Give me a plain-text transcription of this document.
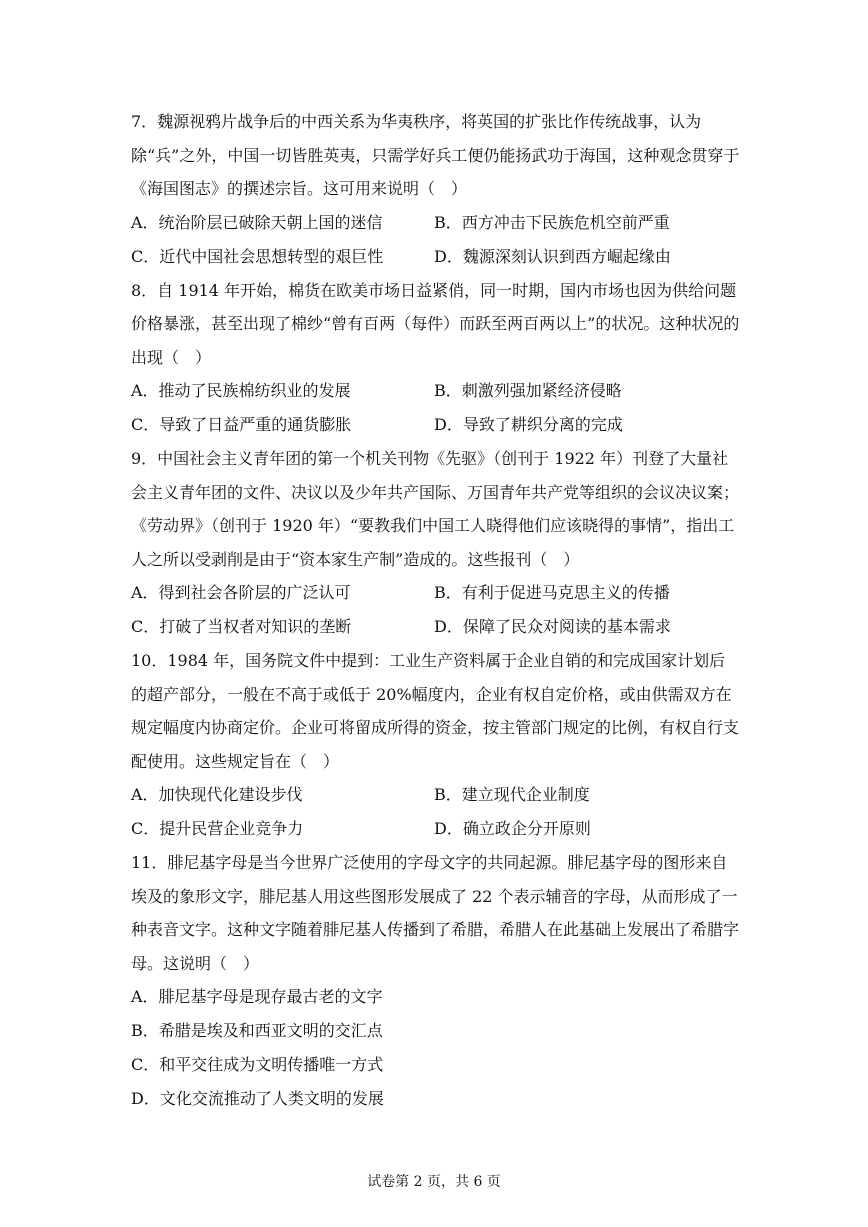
7．魏源视鸦片战争后的中西关系为华夷秩序，将英国的扩张比作传统战事，认为除“兵”之外，中国一切皆胜英夷，只需学好兵工便仍能扬武功于海国，这种观念贯穿于《海国图志》的撰述宗旨。这可用来说明（　）

A．统治阶层已破除天朝上国的迷信	B．西方冲击下民族危机空前严重
C．近代中国社会思想转型的艰巨性	D．魏源深刻认识到西方崛起缘由

8．自 1914 年开始，棉货在欧美市场日益紧俏，同一时期，国内市场也因为供给问题价格暴涨，甚至出现了棉纱“曾有百两（每件）而跃至两百两以上”的状况。这种状况的出现（　）

A．推动了民族棉纺织业的发展	B．刺激列强加紧经济侵略
C．导致了日益严重的通货膨胀	D．导致了耕织分离的完成

9．中国社会主义青年团的第一个机关刊物《先驱》（创刊于 1922 年）刊登了大量社会主义青年团的文件、决议以及少年共产国际、万国青年共产党等组织的会议决议案；《劳动界》（创刊于 1920 年）“要教我们中国工人晓得他们应该晓得的事情”，指出工人之所以受剥削是由于“资本家生产制”造成的。这些报刊（　）

A．得到社会各阶层的广泛认可	B．有利于促进马克思主义的传播
C．打破了当权者对知识的垄断	D．保障了民众对阅读的基本需求

10．1984 年，国务院文件中提到：工业生产资料属于企业自销的和完成国家计划后的超产部分，一般在不高于或低于 20%幅度内，企业有权自定价格，或由供需双方在规定幅度内协商定价。企业可将留成所得的资金，按主管部门规定的比例，有权自行支配使用。这些规定旨在（　）

A．加快现代化建设步伐	B．建立现代企业制度
C．提升民营企业竞争力	D．确立政企分开原则

11．腓尼基字母是当今世界广泛使用的字母文字的共同起源。腓尼基字母的图形来自埃及的象形文字，腓尼基人用这些图形发展成了 22 个表示辅音的字母，从而形成了一种表音文字。这种文字随着腓尼基人传播到了希腊，希腊人在此基础上发展出了希腊字母。这说明（　）

A．腓尼基字母是现存最古老的文字
B．希腊是埃及和西亚文明的交汇点
C．和平交往成为文明传播唯一方式
D．文化交流推动了人类文明的发展
试卷第 2 页，共 6 页
